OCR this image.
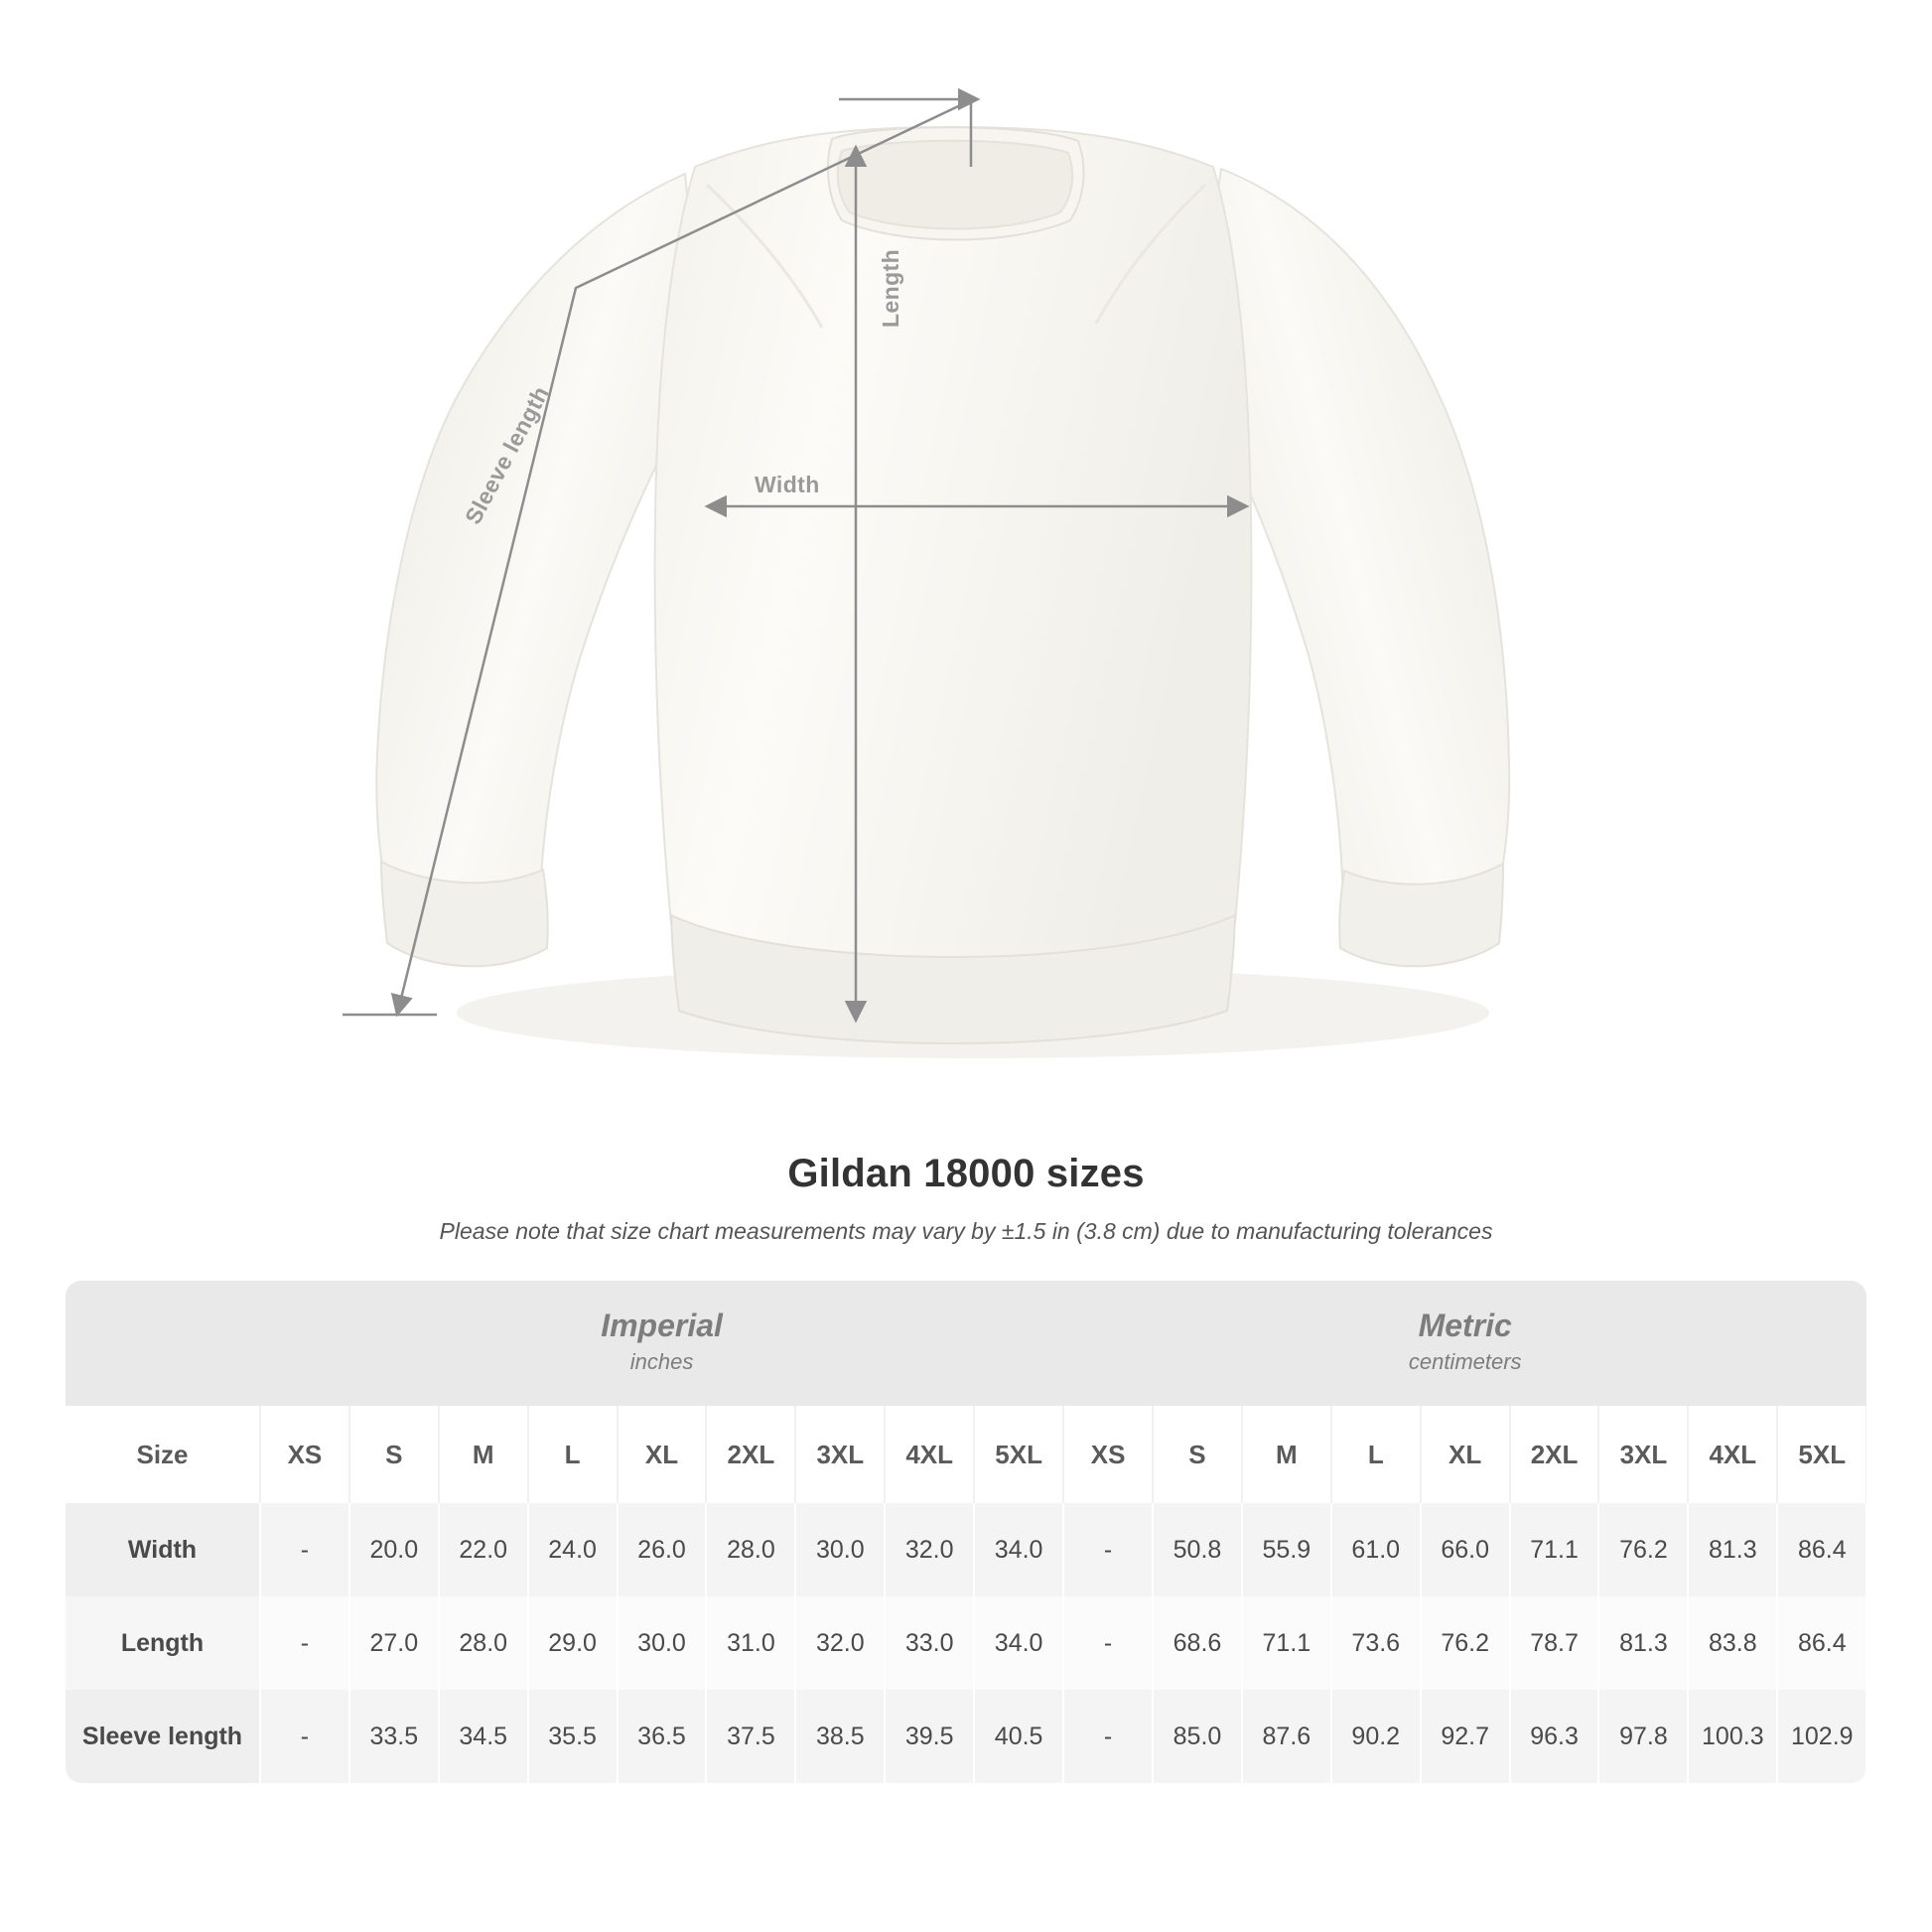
Width
Length
Sleeve length
Gildan 18000 sizes
Please note that size chart measurements may vary by ±1.5 in (3.8 cm) due to manufacturing tolerances

	Imperial
inches									Metric
centimeters								

Size	XS	S	M	L	XL	2XL	3XL	4XL	5XL	XS	S	M	L	XL	2XL	3XL	4XL	5XL
Width	-	20.0	22.0	24.0	26.0	28.0	30.0	32.0	34.0	-	50.8	55.9	61.0	66.0	71.1	76.2	81.3	86.4
Length	-	27.0	28.0	29.0	30.0	31.0	32.0	33.0	34.0	-	68.6	71.1	73.6	76.2	78.7	81.3	83.8	86.4
Sleeve length	-	33.5	34.5	35.5	36.5	37.5	38.5	39.5	40.5	-	85.0	87.6	90.2	92.7	96.3	97.8	100.3	102.9
